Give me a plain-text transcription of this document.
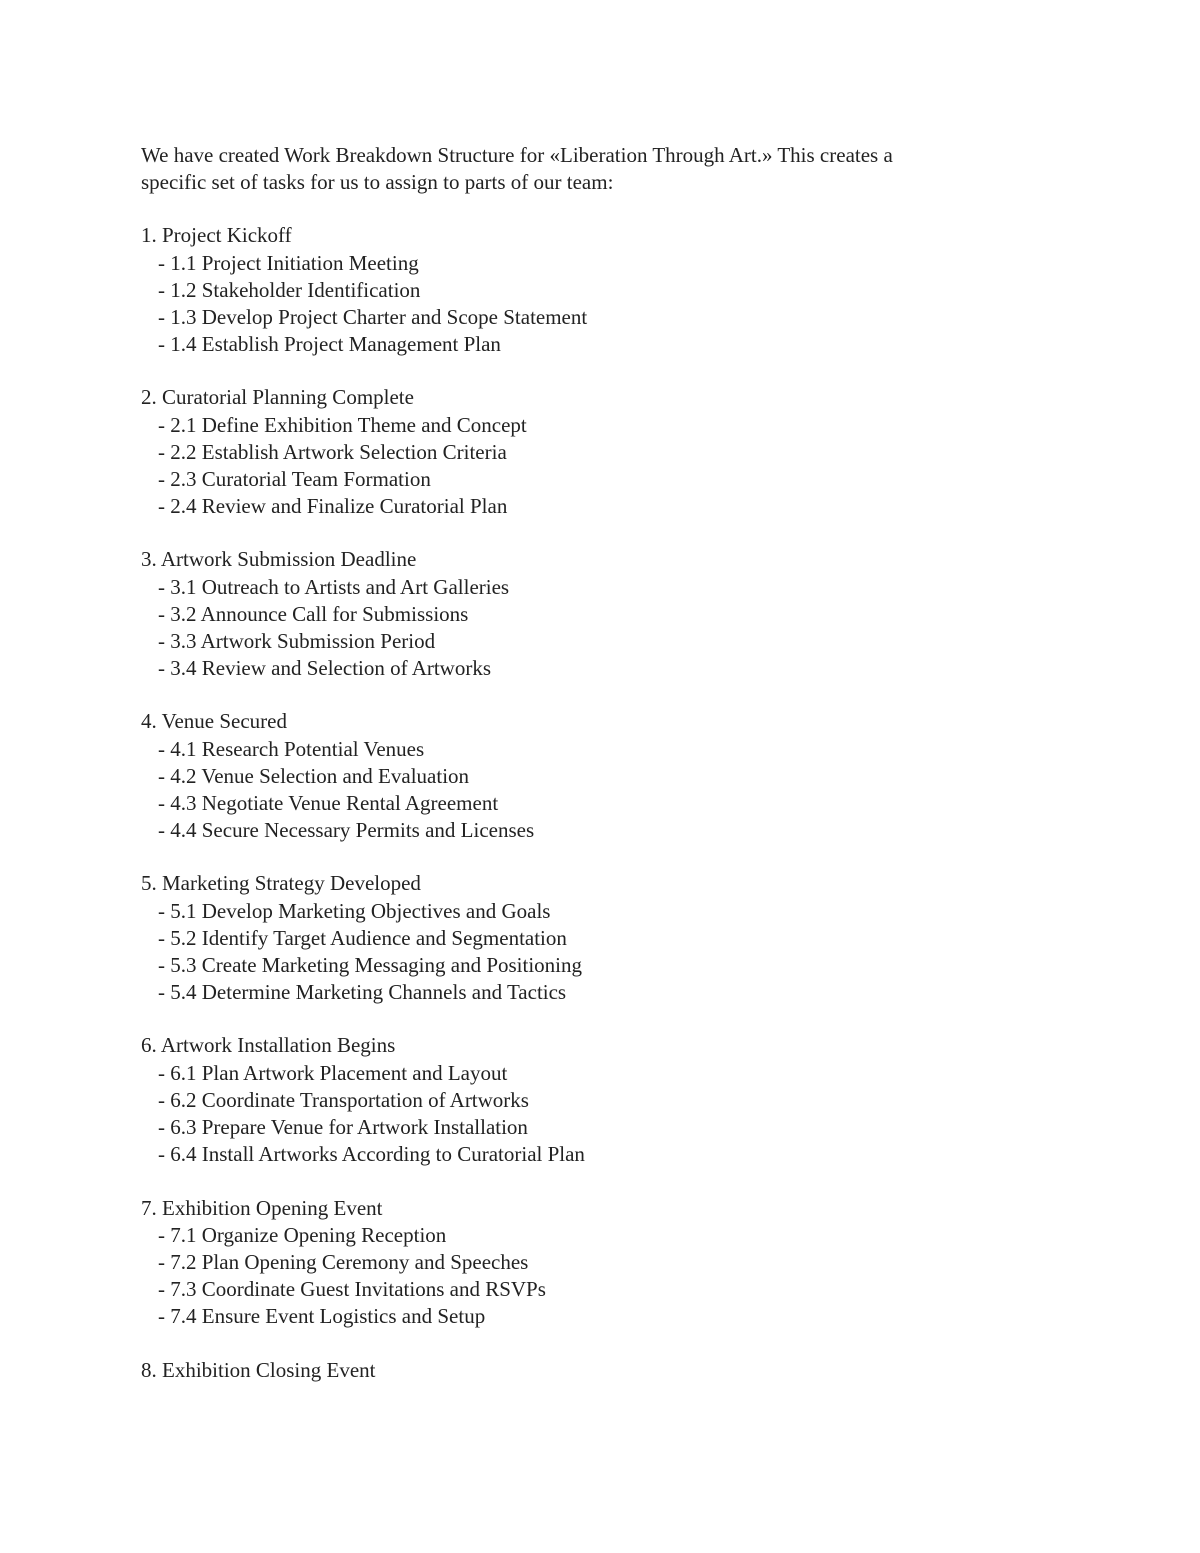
We have created Work Breakdown Structure for «Liberation Through Art.» This creates a
specific set of tasks for us to assign to parts of our team:

1. Project Kickoff
- 1.1 Project Initiation Meeting
- 1.2 Stakeholder Identification
- 1.3 Develop Project Charter and Scope Statement
- 1.4 Establish Project Management Plan
2. Curatorial Planning Complete
- 2.1 Define Exhibition Theme and Concept
- 2.2 Establish Artwork Selection Criteria
- 2.3 Curatorial Team Formation
- 2.4 Review and Finalize Curatorial Plan
3. Artwork Submission Deadline
- 3.1 Outreach to Artists and Art Galleries
- 3.2 Announce Call for Submissions
- 3.3 Artwork Submission Period
- 3.4 Review and Selection of Artworks
4. Venue Secured
- 4.1 Research Potential Venues
- 4.2 Venue Selection and Evaluation
- 4.3 Negotiate Venue Rental Agreement
- 4.4 Secure Necessary Permits and Licenses
5. Marketing Strategy Developed
- 5.1 Develop Marketing Objectives and Goals
- 5.2 Identify Target Audience and Segmentation
- 5.3 Create Marketing Messaging and Positioning
- 5.4 Determine Marketing Channels and Tactics
6. Artwork Installation Begins
- 6.1 Plan Artwork Placement and Layout
- 6.2 Coordinate Transportation of Artworks
- 6.3 Prepare Venue for Artwork Installation
- 6.4 Install Artworks According to Curatorial Plan
7. Exhibition Opening Event
- 7.1 Organize Opening Reception
- 7.2 Plan Opening Ceremony and Speeches
- 7.3 Coordinate Guest Invitations and RSVPs
- 7.4 Ensure Event Logistics and Setup
8. Exhibition Closing Event
